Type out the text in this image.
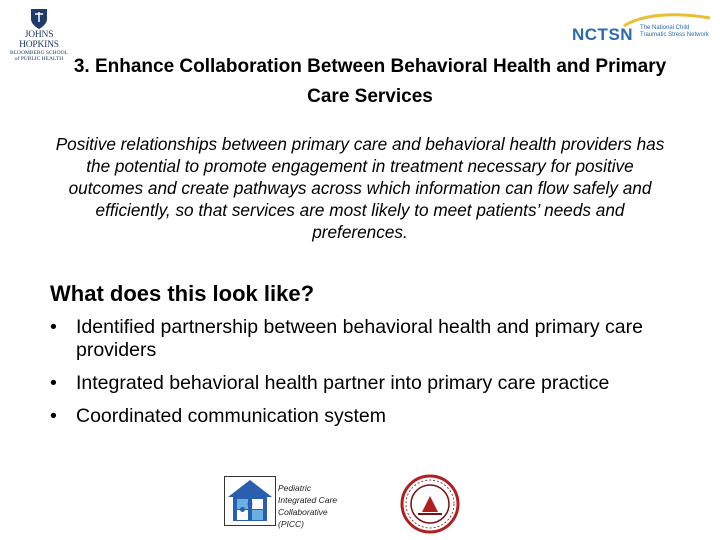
JOHNS HOPKINS
BLOOMBERG SCHOOL
of PUBLIC HEALTH
NCTSN The National Child
Traumatic Stress Network
3. Enhance Collaboration Between Behavioral Health and Primary Care Services
Positive relationships between primary care and behavioral health providers has the potential to promote engagement in treatment necessary for positive outcomes and create pathways across which information can flow safely and efficiently, so that services are most likely to meet patients’ needs and preferences.
What does this look like?
• Identified partnership between behavioral health and primary care providers
• Integrated behavioral health partner into primary care practice
• Coordinated communication system
Pediatric
Integrated Care
Collaborative
(PICC)
